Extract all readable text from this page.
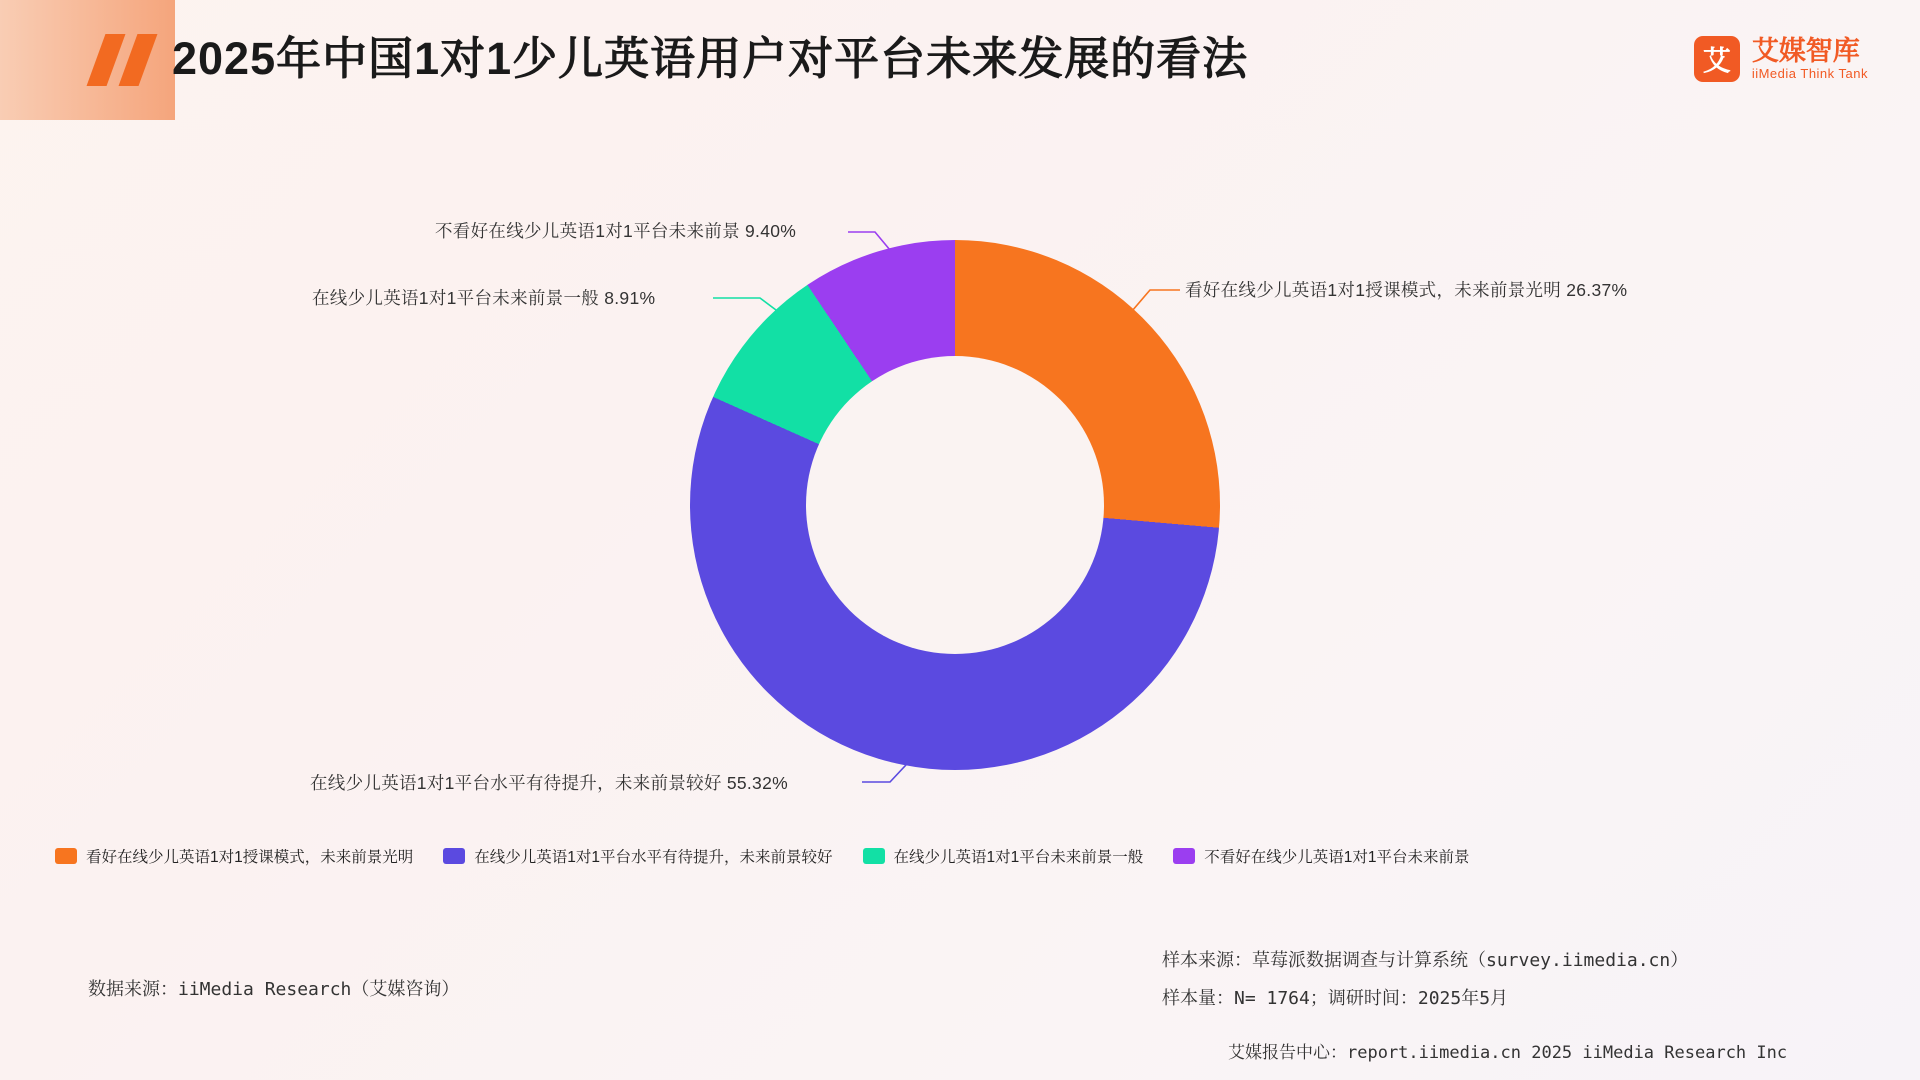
2025年中国1对1少儿英语用户对平台未来发展的看法	艾 艾媒智库
iiMedia Think Tank
不看好在线少儿英语1对1平台未来前景 9.40%
在线少儿英语1对1平台未来前景一般 8.91%
在线少儿英语1对1平台水平有待提升，未来前景较好 55.32%
看好在线少儿英语1对1授课模式，未来前景光明 26.37%
看好在线少儿英语1对1授课模式，未来前景光明	在线少儿英语1对1平台水平有待提升，未来前景较好	在线少儿英语1对1平台未来前景一般	不看好在线少儿英语1对1平台未来前景
数据来源：iiMedia Research（艾媒咨询）
样本来源：草莓派数据调查与计算系统（survey.iimedia.cn）
样本量：N= 1764；调研时间：2025年5月
艾媒报告中心：report.iimedia.cn 2025 iiMedia Research Inc
